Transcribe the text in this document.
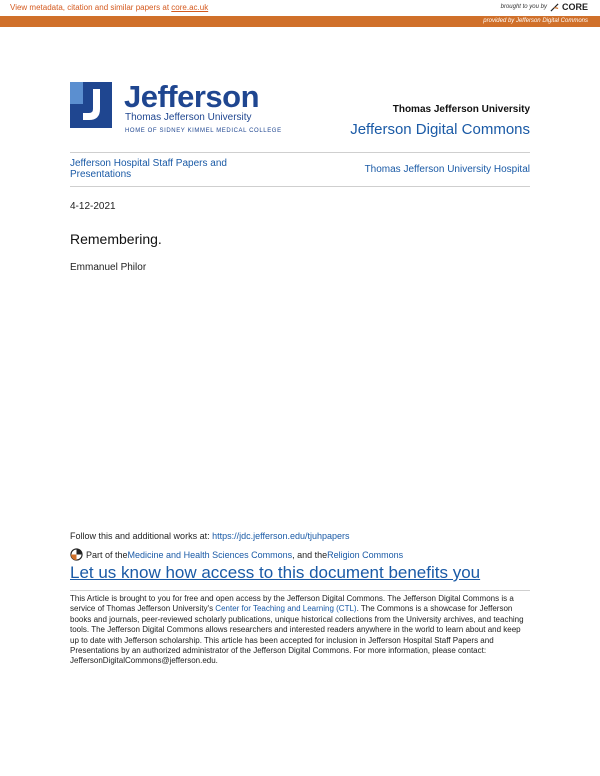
View metadata, citation and similar papers at core.ac.uk	brought to you by CORE
provided by Jefferson Digital Commons
Jefferson
Thomas Jefferson University
HOME OF SIDNEY KIMMEL MEDICAL COLLEGE
Thomas Jefferson University
Jefferson Digital Commons
Jefferson Hospital Staff Papers and Presentations	Thomas Jefferson University Hospital
4-12-2021
Remembering.
Emmanuel Philor
Follow this and additional works at: https://jdc.jefferson.edu/tjuhpapers
Part of the Medicine and Health Sciences Commons , and the Religion Commons
Let us know how access to this document benefits you
This Article is brought to you for free and open access by the Jefferson Digital Commons. The Jefferson Digital Commons is a service of Thomas Jefferson University's Center for Teaching and Learning (CTL). The Commons is a showcase for Jefferson books and journals, peer-reviewed scholarly publications, unique historical collections from the University archives, and teaching tools. The Jefferson Digital Commons allows researchers and interested readers anywhere in the world to learn about and keep up to date with Jefferson scholarship. This article has been accepted for inclusion in Jefferson Hospital Staff Papers and Presentations by an authorized administrator of the Jefferson Digital Commons. For more information, please contact: JeffersonDigitalCommons@jefferson.edu.
